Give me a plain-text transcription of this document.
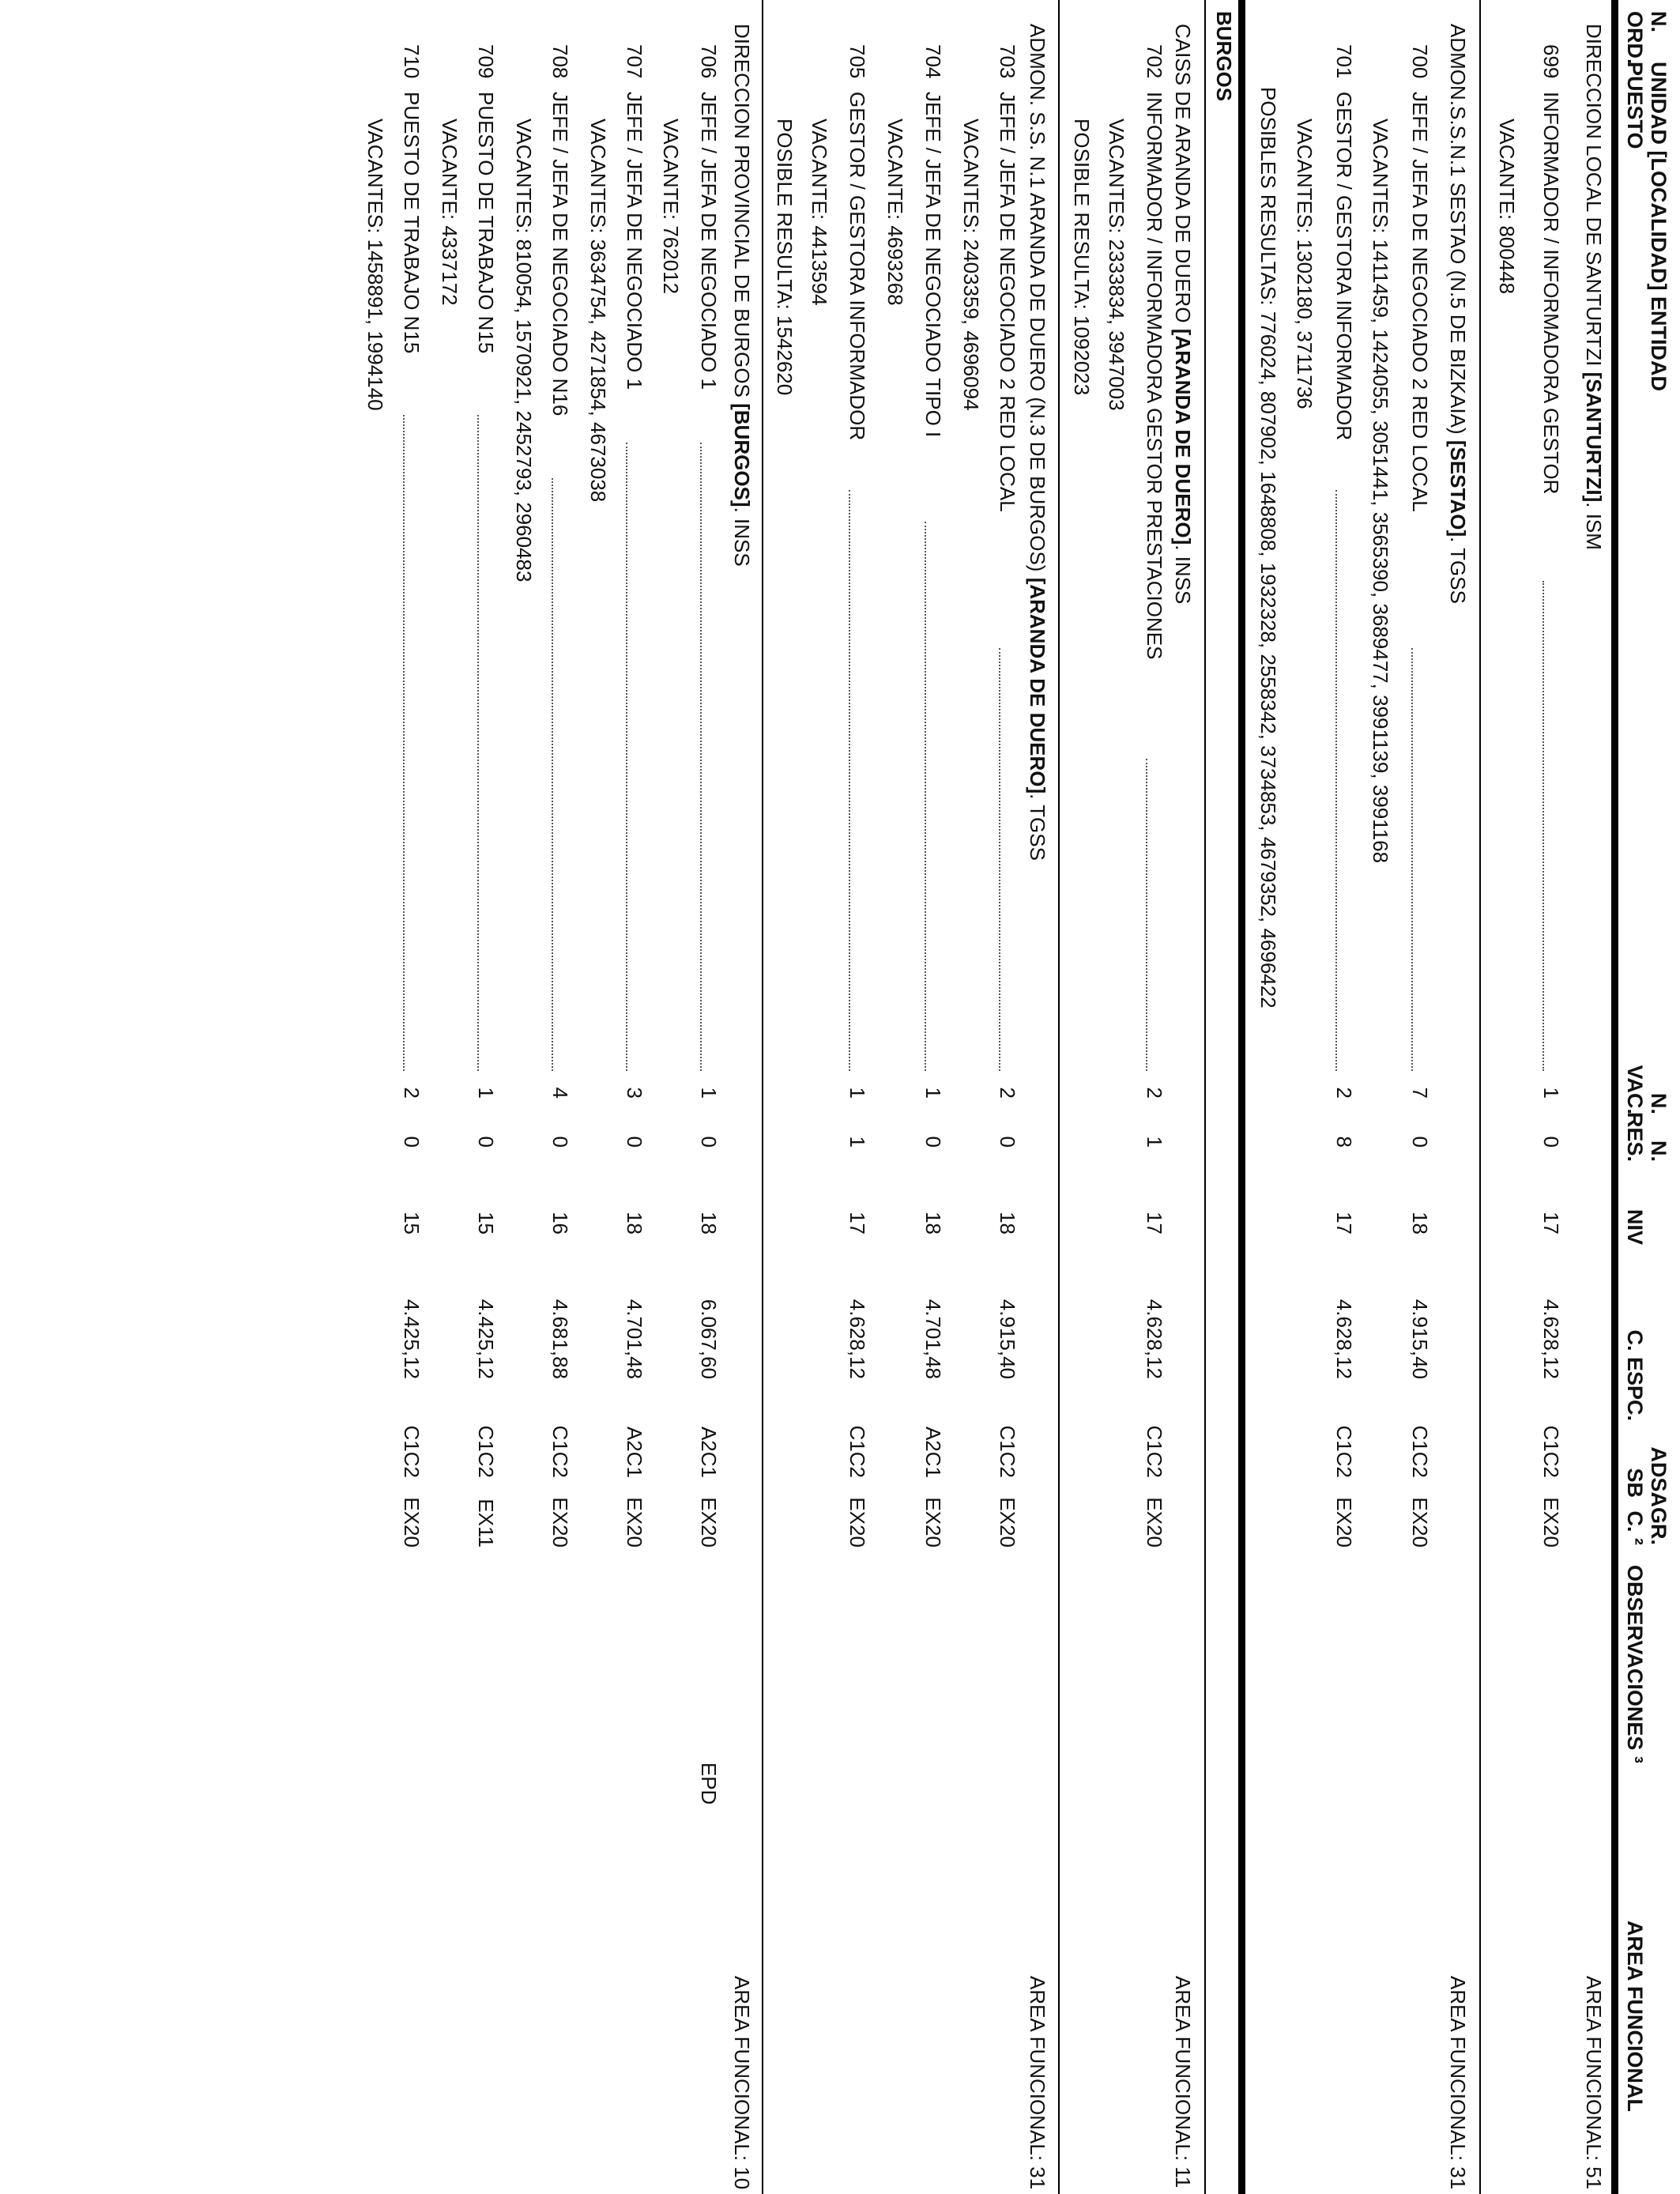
N.
ORD.
UNIDAD [LOCALIDAD] ENTIDAD
PUESTO
N.
VAC.
N.
RES.
NIV
C. ESPC.
ADS.
SB
AGR.
C. ²
OBSERVACIONES ³
AREA FUNCIONAL
DIRECCION LOCAL DE SANTURTZI [SANTURTZI]. ISM
AREA FUNCIONAL: 51
699
INFORMADOR / INFORMADORA GESTOR
1
0
17
4.628,12
C1C2
EX20
VACANTE: 800448
ADMON.S.S.N.1 SESTAO (N.5 DE BIZKAIA) [SESTAO]. TGSS
AREA FUNCIONAL: 31
700
JEFE / JEFA DE NEGOCIADO 2 RED LOCAL
7
0
18
4.915,40
C1C2
EX20
VACANTES: 1411459, 1424055, 3051441, 3565390, 3689477, 3991139, 3991168
701
GESTOR / GESTORA INFORMADOR
2
8
17
4.628,12
C1C2
EX20
VACANTES: 1302180, 3711736
POSIBLES RESULTAS: 776024, 807902, 1648808, 1932328, 2558342, 3734853, 4679352, 4696422
BURGOS
CAISS DE ARANDA DE DUERO [ARANDA DE DUERO]. INSS
AREA FUNCIONAL: 11
702
INFORMADOR / INFORMADORA GESTOR PRESTACIONES
2
1
17
4.628,12
C1C2
EX20
VACANTES: 2333834, 3947003
POSIBLE RESULTA: 1092023
ADMON. S.S. N.1 ARANDA DE DUERO (N.3 DE BURGOS) [ARANDA DE DUERO]. TGSS
AREA FUNCIONAL: 31
703
JEFE / JEFA DE NEGOCIADO 2 RED LOCAL
2
0
18
4.915,40
C1C2
EX20
VACANTES: 2403359, 4696094
704
JEFE / JEFA DE NEGOCIADO TIPO I
1
0
18
4.701,48
A2C1
EX20
VACANTE: 4693268
705
GESTOR / GESTORA INFORMADOR
1
1
17
4.628,12
C1C2
EX20
VACANTE: 4413594
POSIBLE RESULTA: 1542620
DIRECCION PROVINCIAL DE BURGOS [BURGOS]. INSS
AREA FUNCIONAL: 10
706
JEFE / JEFA DE NEGOCIADO 1
1
0
18
6.067,60
A2C1
EX20
EPD
VACANTE: 762012
707
JEFE / JEFA DE NEGOCIADO 1
3
0
18
4.701,48
A2C1
EX20
VACANTES: 3634754, 4271854, 4673038
708
JEFE / JEFA DE NEGOCIADO N16
4
0
16
4.681,88
C1C2
EX20
VACANTES: 810054, 1570921, 2452793, 2960483
709
PUESTO DE TRABAJO N15
1
0
15
4.425,12
C1C2
EX11
VACANTE: 4337172
710
PUESTO DE TRABAJO N15
2
0
15
4.425,12
C1C2
EX20
VACANTES: 1458891, 1994140
